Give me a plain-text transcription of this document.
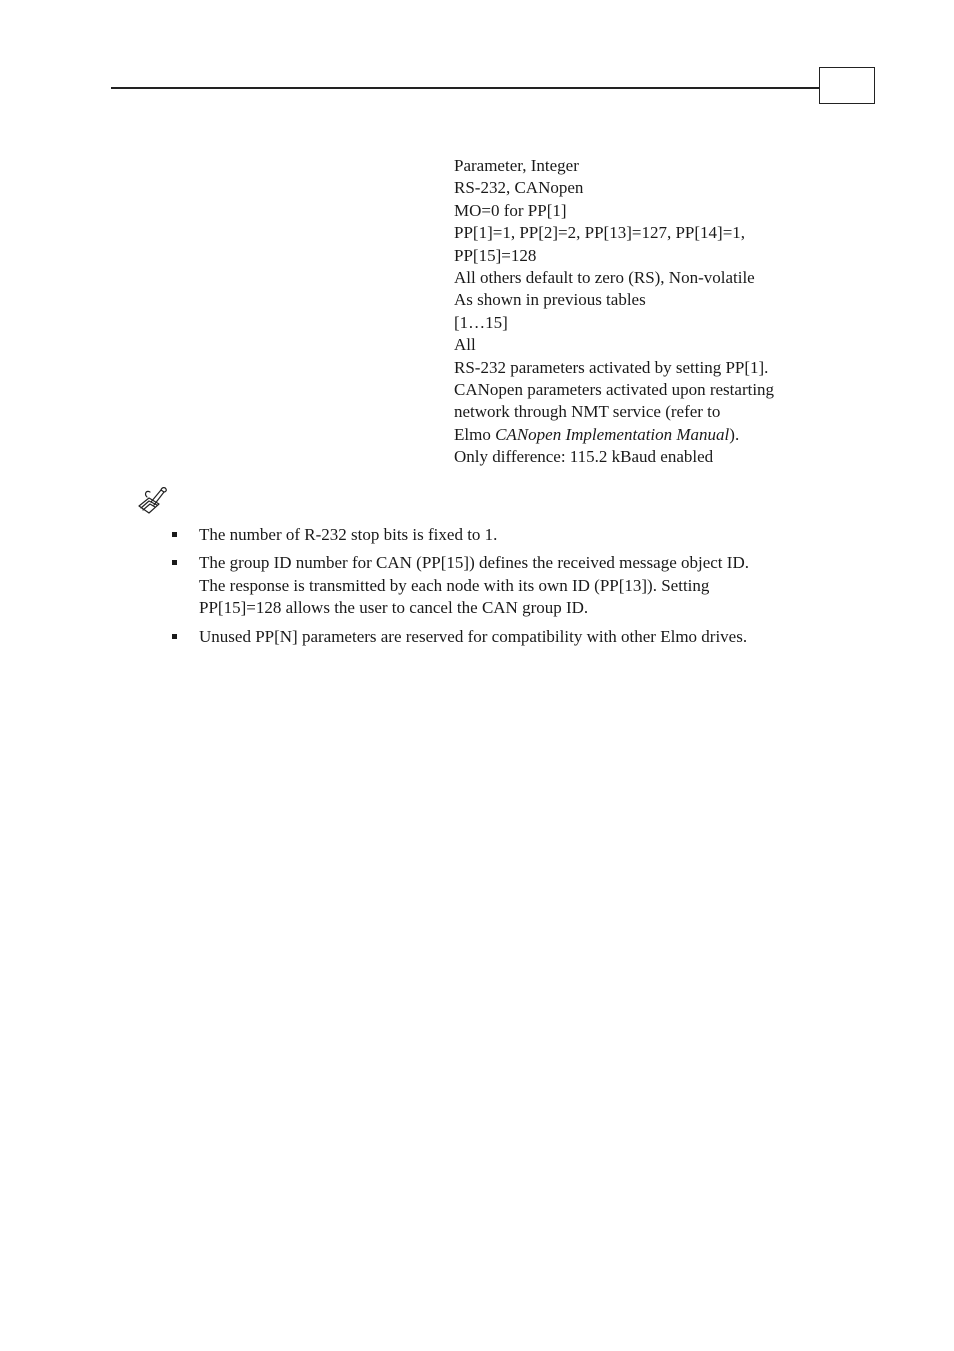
Parameter, Integer
RS-232, CANopen
MO=0 for PP[1]
PP[1]=1, PP[2]=2, PP[13]=127, PP[14]=1,
PP[15]=128
All others default to zero (RS), Non-volatile
As shown in previous tables
[1…15]
All
RS-232 parameters activated by setting PP[1].
CANopen parameters activated upon restarting
network through NMT service (refer to
Elmo CANopen Implementation Manual).
Only difference: 115.2 kBaud enabled
The number of R-232 stop bits is fixed to 1.
The group ID number for CAN (PP[15]) defines the received message object ID.
The response is transmitted by each node with its own ID (PP[13]). Setting
PP[15]=128 allows the user to cancel the CAN group ID.
Unused PP[N] parameters are reserved for compatibility with other Elmo drives.
